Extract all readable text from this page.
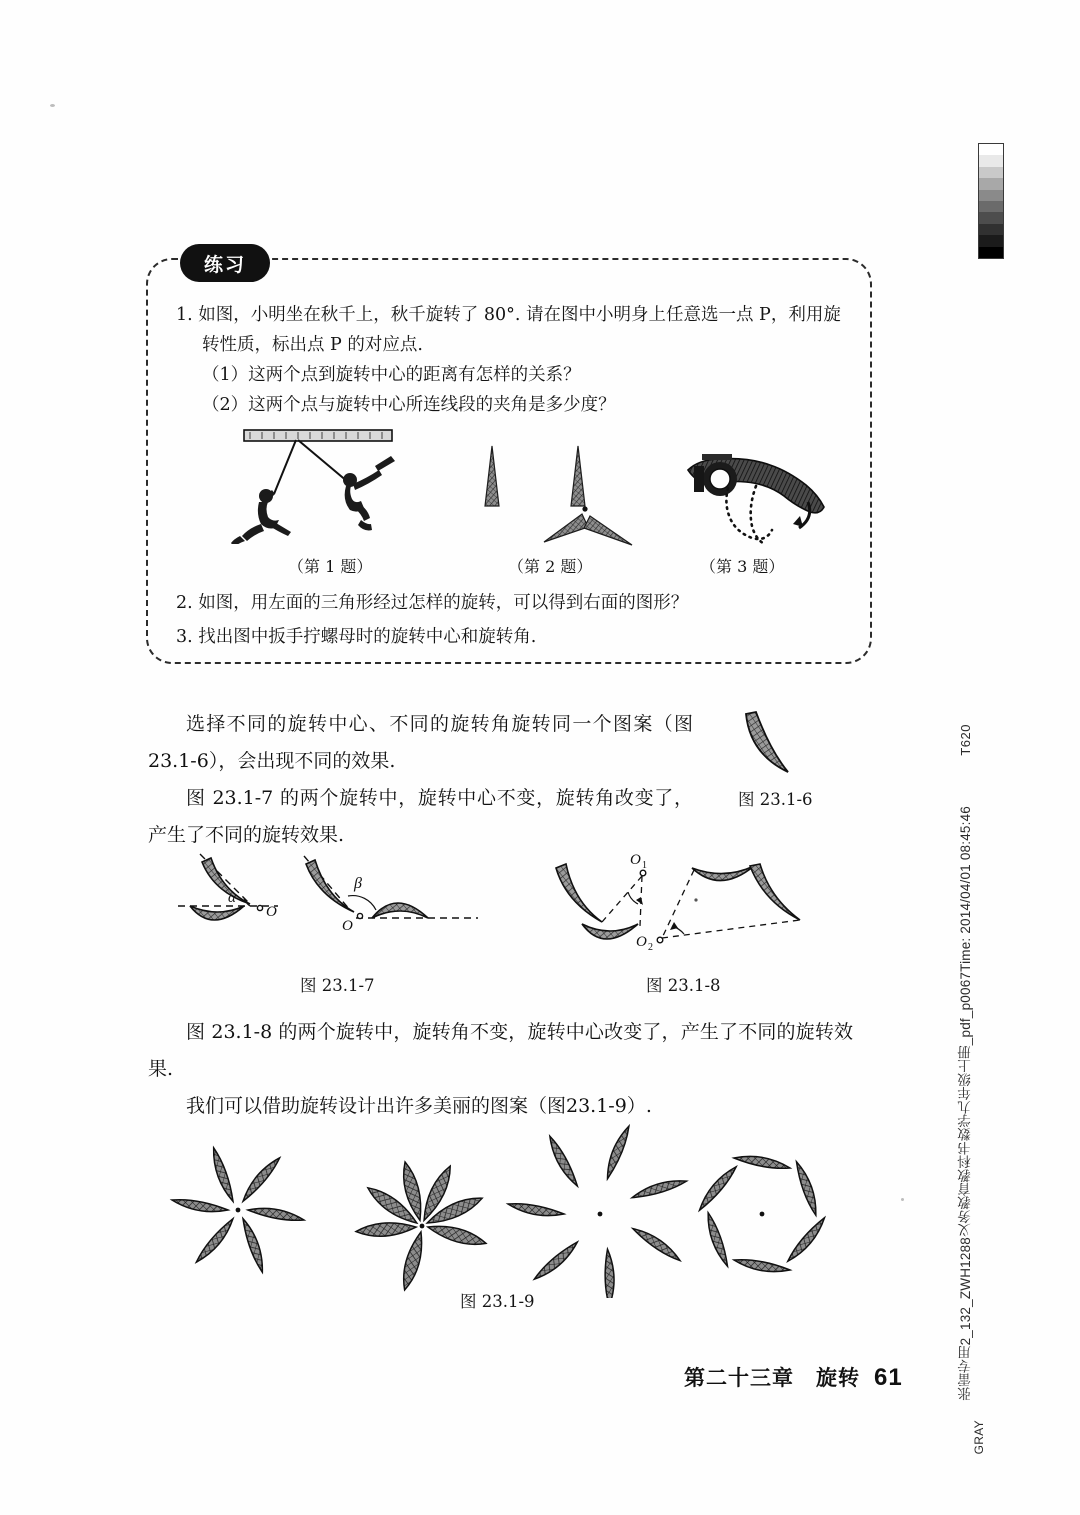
T620
张雷专用2_132_ZWH1288义务教育教科书数学九年级上册_pdf_p0067Time: 2014/04/01 08:45:46
GRAY
练习
1. 如图，小明坐在秋千上，秋千旋转了 80°. 请在图中小明身上任意选一点 P，利用旋转性质，标出点 P 的对应点.
（1）这两个点到旋转中心的距离有怎样的关系？
（2）这两个点与旋转中心所连线段的夹角是多少度？
（第 1 题）	（第 2 题）	（第 3 题）
2. 如图，用左面的三角形经过怎样的旋转，可以得到右面的图形？
3. 找出图中扳手拧螺母时的旋转中心和旋转角.
选择不同的旋转中心、不同的旋转角旋转同一个图案（图 23.1-6），会出现不同的效果.
图 23.1-7 的两个旋转中，旋转中心不变，旋转角改变了，产生了不同的旋转效果.
图 23.1-8 的两个旋转中，旋转角不变，旋转中心改变了，产生了不同的旋转效果.
我们可以借助旋转设计出许多美丽的图案（图23.1-9）.
图 23.1-6
O
α
O
β
图 23.1-7
O 1
O 2
图 23.1-8
图 23.1-9
第二十三章　旋转 61
